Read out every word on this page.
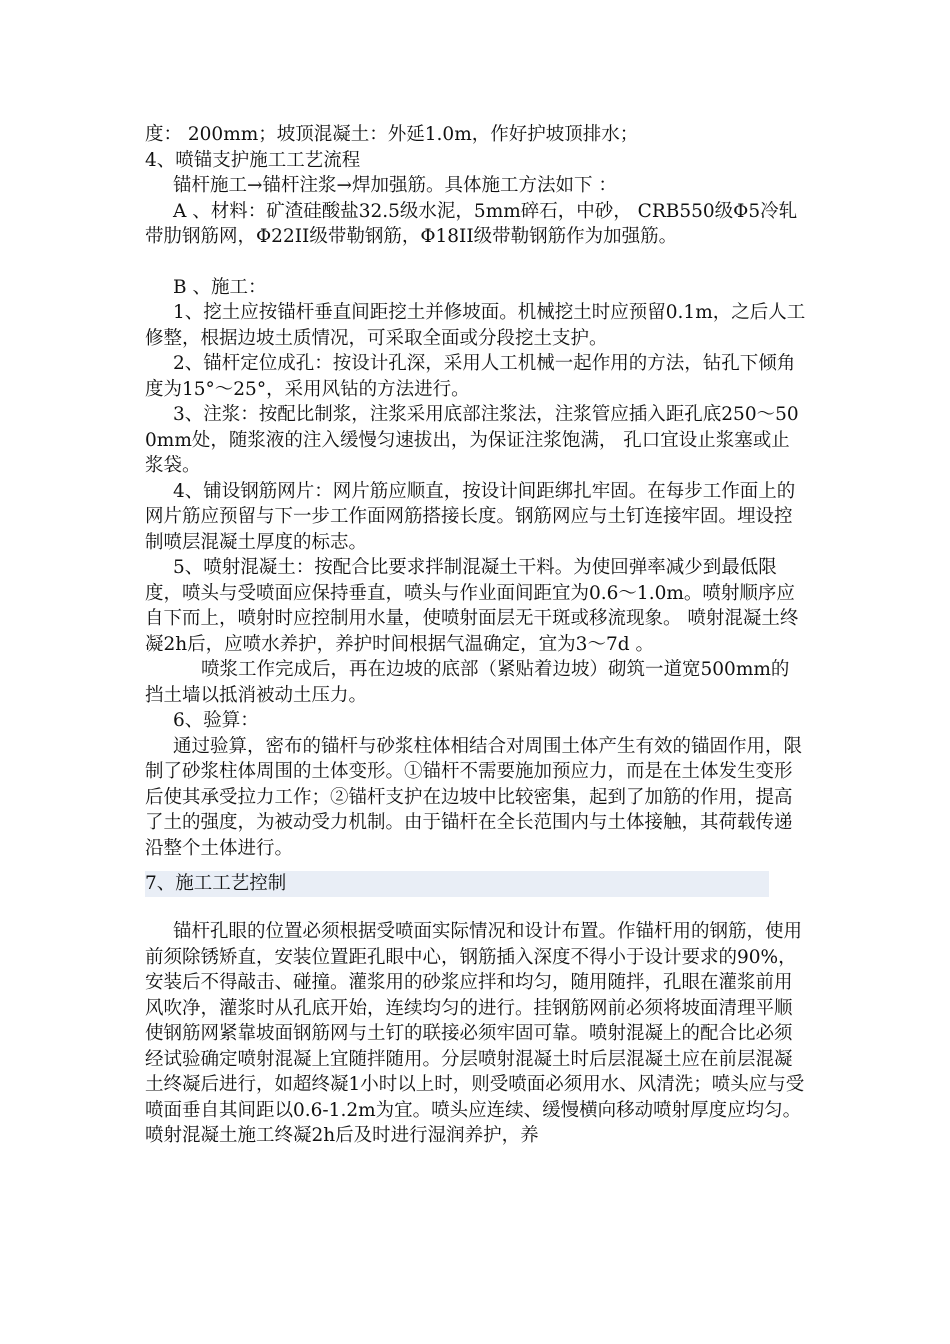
度： 200mm；坡顶混凝土：外延1.0m，作好护坡顶排水；

4、喷锚支护施工工艺流程

锚杆施工→锚杆注浆→焊加强筋。具体施工方法如下 ：

A 、材料：矿渣硅酸盐32.5级水泥，5mm碎石，中砂， CRB550级Φ5冷轧带肋钢筋网，Φ22II级带勒钢筋，Φ18II级带勒钢筋作为加强筋。

B 、施工：

1、挖土应按锚杆垂直间距挖土并修坡面。机械挖土时应预留0.1m，之后人工修整，根据边坡土质情况，可采取全面或分段挖土支护。

2、锚杆定位成孔：按设计孔深，采用人工机械一起作用的方法，钻孔下倾角度为15°～25°，采用风钻的方法进行。

3、注浆：按配比制浆，注浆采用底部注浆法，注浆管应插入距孔底250～500mm处，随浆液的注入缓慢匀速拔出，为保证注浆饱满， 孔口宜设止浆塞或止浆袋。

4、铺设钢筋网片：网片筋应顺直，按设计间距绑扎牢固。在每步工作面上的网片筋应预留与下一步工作面网筋搭接长度。钢筋网应与土钉连接牢固。埋设控制喷层混凝土厚度的标志。

5、喷射混凝土：按配合比要求拌制混凝土干料。为使回弹率减少到最低限度，喷头与受喷面应保持垂直，喷头与作业面间距宜为0.6～1.0m。喷射顺序应自下而上，喷射时应控制用水量，使喷射面层无干斑或移流现象。 喷射混凝土终凝2h后，应喷水养护，养护时间根据气温确定，宜为3～7d 。

喷浆工作完成后，再在边坡的底部（紧贴着边坡）砌筑一道宽500mm的挡土墙以抵消被动土压力。

6、验算：

通过验算，密布的锚杆与砂浆柱体相结合对周围土体产生有效的锚固作用，限制了砂浆柱体周围的土体变形。①锚杆不需要施加预应力，而是在土体发生变形后使其承受拉力工作；②锚杆支护在边坡中比较密集，起到了加筋的作用，提高了土的强度，为被动受力机制。由于锚杆在全长范围内与土体接触，其荷载传递沿整个土体进行。

7、施工工艺控制

锚杆孔眼的位置必须根据受喷面实际情况和设计布置。作锚杆用的钢筋，使用前须除锈矫直，安装位置距孔眼中心，钢筋插入深度不得小于设计要求的90%，安装后不得敲击、碰撞。灌浆用的砂浆应拌和均匀，随用随拌，孔眼在灌浆前用风吹净，灌浆时从孔底开始，连续均匀的进行。挂钢筋网前必须将坡面清理平顺使钢筋网紧靠坡面钢筋网与土钉的联接必须牢固可靠。喷射混凝上的配合比必须经试验确定喷射混凝上宜随拌随用。分层喷射混凝土时后层混凝土应在前层混凝土终凝后进行，如超终凝1小时以上时，则受喷面必须用水、风清洗；喷头应与受喷面垂自其间距以0.6-1.2m为宜。喷头应连续、缓慢横向移动喷射厚度应均匀。喷射混凝土施工终凝2h后及时进行湿润养护，养
